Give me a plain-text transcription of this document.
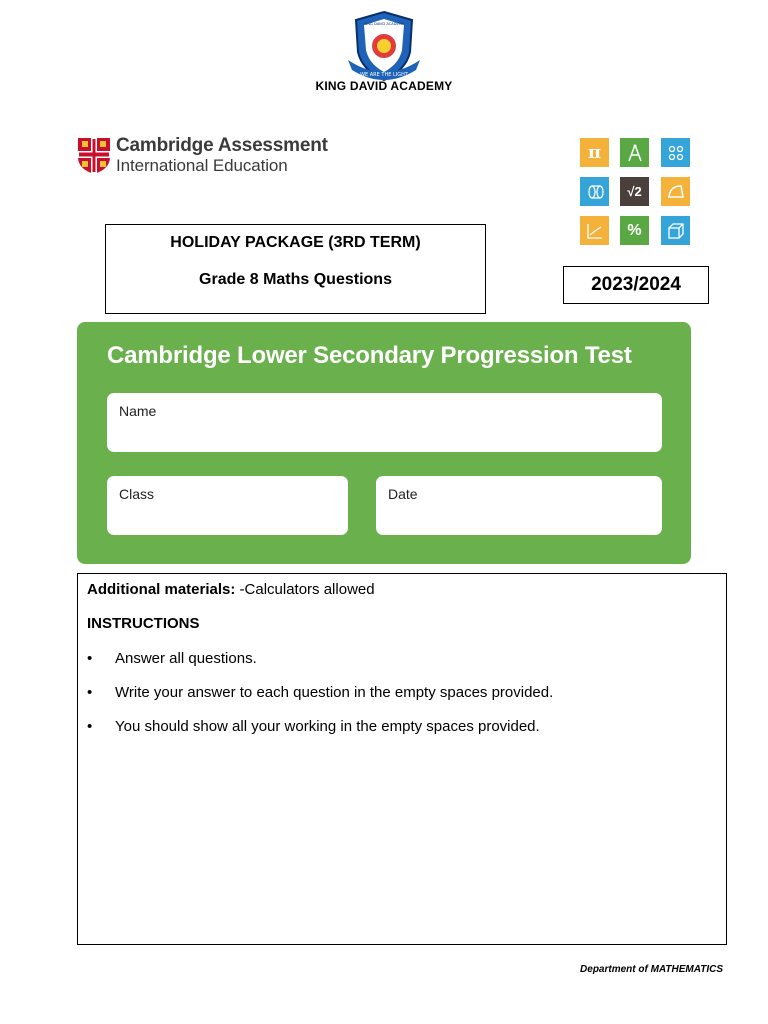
WE ARE THE LIGHT
KING DAVID ACADEMY
KING DAVID ACADEMY
Cambridge Assessment
International Education
π
√2
%
HOLIDAY PACKAGE (3RD TERM)
Grade 8 Maths Questions	2023/2024
Cambridge Lower Secondary Progression Test
Name
Class	Date
Additional materials: -Calculators allowed
INSTRUCTIONS
•	Answer all questions.
•	Write your answer to each question in the empty spaces provided.
•	You should show all your working in the empty spaces provided.
Department of MATHEMATICS
